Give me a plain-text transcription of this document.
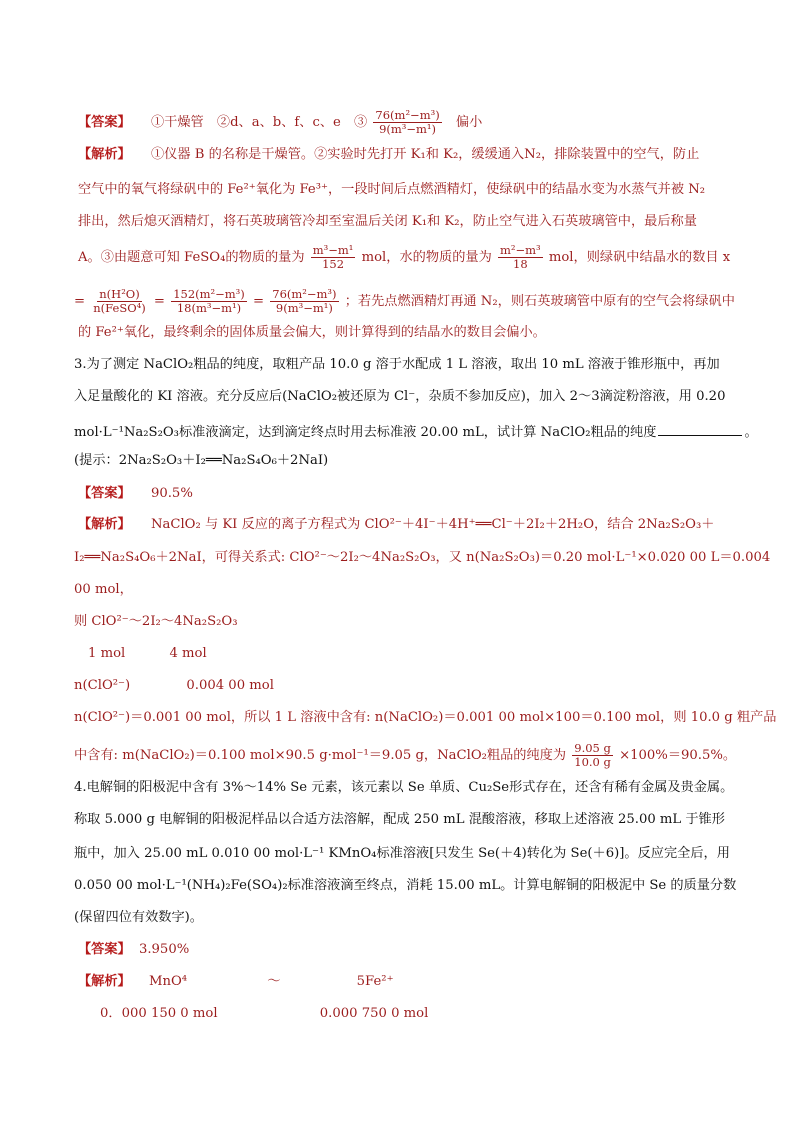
【答案】 ①干燥管　②d、a、b、f、c、e　③ $\frac{\text{76(m²−m³)}}{\text{9(m³−m¹)}}$ 偏小
【解析】 ①仪器 B 的名称是干燥管。②实验时先打开 K₁和 K₂，缓缓通入N₂，排除装置中的空气，防止
空气中的氧气将绿矾中的 Fe²⁺氧化为 Fe³⁺，一段时间后点燃酒精灯，使绿矾中的结晶水变为水蒸气并被 N₂
排出，然后熄灭酒精灯，将石英玻璃管冷却至室温后关闭 K₁和 K₂，防止空气进入石英玻璃管中，最后称量
A。③由题意可知 FeSO₄的物质的量为 $\frac{\text{m³−m¹}}{152}$ mol，水的物质的量为 $\frac{\text{m²−m³}}{18}$ mol，则绿矾中结晶水的数目 x
= $\frac{\text{n(H²O)}}{\text{n(FeSO⁴)}} = \frac{\text{152(m²−m³)}}{\text{18(m³−m¹)}} = \frac{\text{76(m²−m³)}}{\text{9(m³−m¹)}}$ ；若先点燃酒精灯再通 N₂，则石英玻璃管中原有的空气会将绿矾中
的 Fe²⁺氧化，最终剩余的固体质量会偏大，则计算得到的结晶水的数目会偏小。
3.为了测定 NaClO₂粗品的纯度，取粗产品 10.0 g 溶于水配成 1 L 溶液，取出 10 mL 溶液于锥形瓶中，再加
入足量酸化的 KI 溶液。充分反应后(NaClO₂被还原为 Cl⁻，杂质不参加反应)，加入 2～3滴淀粉溶液，用 0.20
mol·L⁻¹Na₂S₂O₃标准液滴定，达到滴定终点时用去标准液 20.00 mL，试计算 NaClO₂粗品的纯度	。
(提示：2Na₂S₂O₃＋I₂══Na₂S₄O₆＋2NaI)
【答案】 90.5%
【解析】 NaClO₂ 与 KI 反应的离子方程式为 ClO²⁻＋4I⁻＋4H⁺══Cl⁻＋2I₂＋2H₂O，结合 2Na₂S₂O₃＋
I₂══Na₂S₄O₆＋2NaI，可得关系式: ClO²⁻～2I₂～4Na₂S₂O₃，又 n(Na₂S₂O₃)＝0.20 mol·L⁻¹×0.020 00 L＝0.004
00 mol，
则 ClO²⁻～2I₂～4Na₂S₂O₃
1 mol	4 mol
n(ClO²⁻)	0.004 00 mol
n(ClO²⁻)＝0.001 00 mol，所以 1 L 溶液中含有: n(NaClO₂)＝0.001 00 mol×100＝0.100 mol，则 10.0 g 粗产品
中含有: m(NaClO₂)＝0.100 mol×90.5 g·mol⁻¹＝9.05 g，NaClO₂粗品的纯度为 $\frac{9.05 g}{10.0 g} \times 100\%=90.5\%$。
4.电解铜的阳极泥中含有 3%～14% Se 元素，该元素以 Se 单质、Cu₂Se形式存在，还含有稀有金属及贵金属。
称取 5.000 g 电解铜的阳极泥样品以合适方法溶解，配成 250 mL 混酸溶液，移取上述溶液 25.00 mL 于锥形
瓶中，加入 25.00 mL 0.010 00 mol·L⁻¹ KMnO₄标准溶液[只发生 Se(＋4)转化为 Se(＋6)]。反应完全后，用
0.050 00 mol·L⁻¹(NH₄)₂Fe(SO₄)₂标准溶液滴至终点，消耗 15.00 mL。计算电解铜的阳极泥中 Se 的质量分数
(保留四位有效数字)。
【答案】 3.950%
【解析】 MnO⁴	～	5Fe²⁺
0．000 150 0 mol	0.000 750 0 mol
